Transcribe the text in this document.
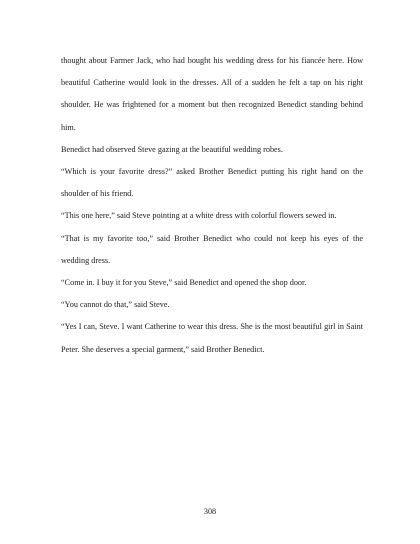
thought about Farmer Jack, who had bought his wedding dress for his fiancée here. How beautiful Catherine would look in the dresses. All of a sudden he felt a tap on his right shoulder. He was frightened for a moment but then recognized Benedict standing behind him.

Benedict had observed Steve gazing at the beautiful wedding robes.

“Which is your favorite dress?” asked Brother Benedict putting his right hand on the shoulder of his friend.

“This one here,” said Steve pointing at a white dress with colorful flowers sewed in.

“That is my favorite too,” said Brother Benedict who could not keep his eyes of the wedding dress.

“Come in. I buy it for you Steve,” said Benedict and opened the shop door.

“You cannot do that,” said Steve.

“Yes I can, Steve. I want Catherine to wear this dress. She is the most beautiful girl in Saint Peter. She deserves a special garment,” said Brother Benedict.

308
